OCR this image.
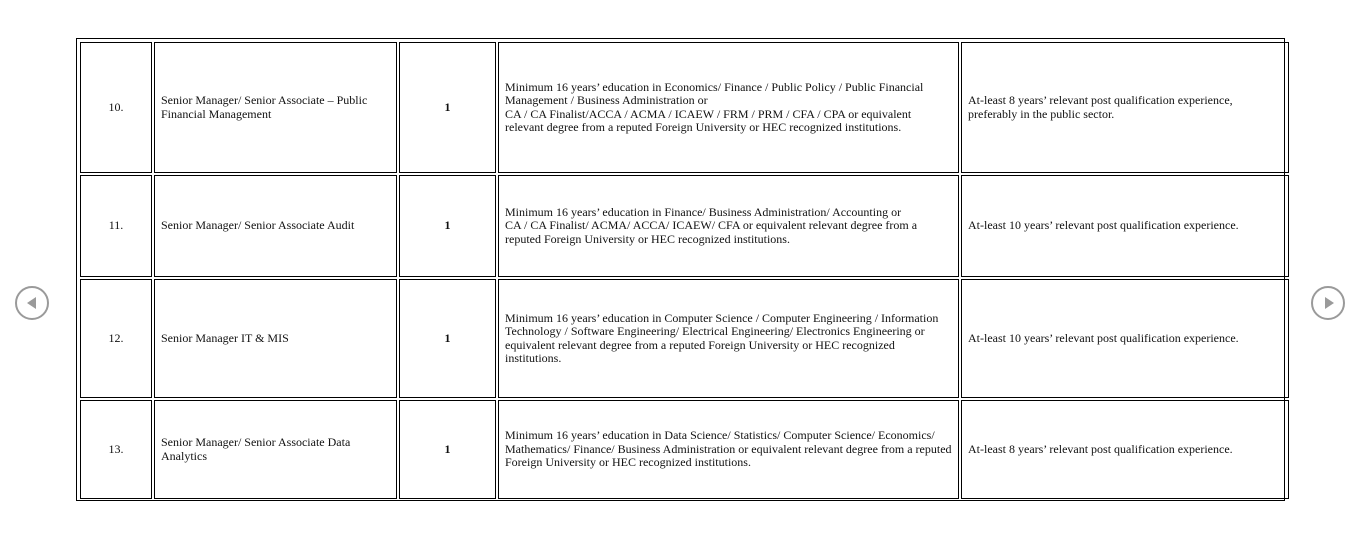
10.	Senior Manager/ Senior Associate – Public Financial Management	1	Minimum 16 years’ education in Economics/ Finance / Public Policy / Public Financial Management / Business Administration or
CA / CA Finalist/ACCA / ACMA / ICAEW / FRM / PRM / CFA / CPA or equivalent relevant degree from a reputed Foreign University or HEC recognized institutions.	At-least 8 years’ relevant post qualification experience, preferably in the public sector.
11.	Senior Manager/ Senior Associate Audit	1	Minimum 16 years’ education in Finance/ Business Administration/ Accounting or
CA / CA Finalist/ ACMA/ ACCA/ ICAEW/ CFA or equivalent relevant degree from a reputed Foreign University or HEC recognized institutions.	At-least 10 years’ relevant post qualification experience.
12.	Senior Manager IT & MIS	1	Minimum 16 years’ education in Computer Science / Computer Engineering / Information Technology / Software Engineering/ Electrical Engineering/ Electronics Engineering or equivalent relevant degree from a reputed Foreign University or HEC recognized institutions.	At-least 10 years’ relevant post qualification experience.
13.	Senior Manager/ Senior Associate Data Analytics	1	Minimum 16 years’ education in Data Science/ Statistics/ Computer Science/ Economics/ Mathematics/ Finance/ Business Administration or equivalent relevant degree from a reputed Foreign University or HEC recognized institutions.	At-least 8 years’ relevant post qualification experience.
